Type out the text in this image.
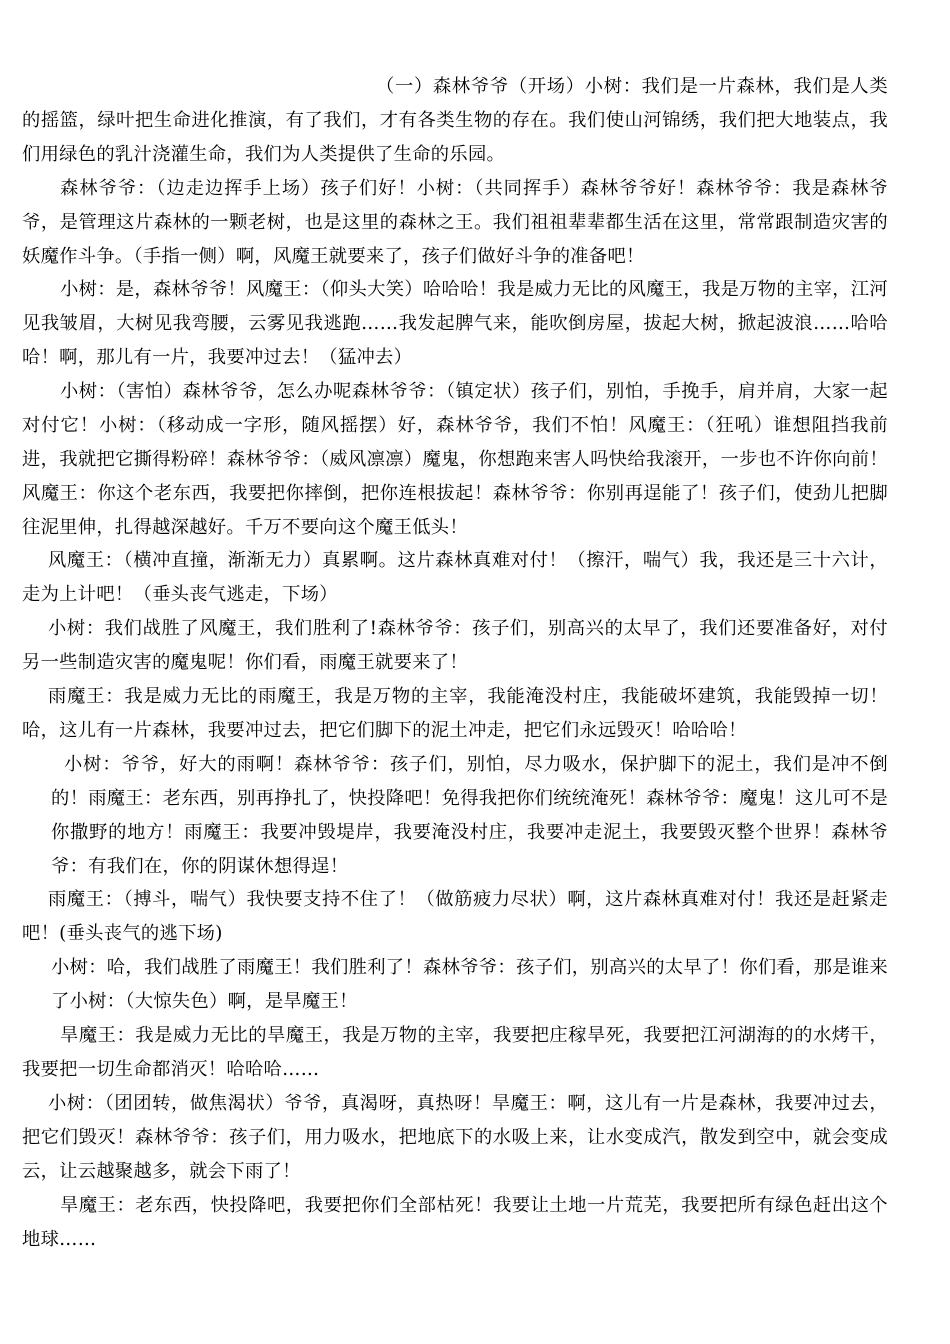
（一）森林爷爷（开场）小树：我们是一片森林，我们是人类的摇篮，绿叶把生命进化推演，有了我们，才有各类生物的存在。我们使山河锦绣，我们把大地装点，我们用绿色的乳汁浇灌生命，我们为人类提供了生命的乐园。

森林爷爷：（边走边挥手上场）孩子们好！小树：（共同挥手）森林爷爷好！森林爷爷：我是森林爷爷，是管理这片森林的一颗老树，也是这里的森林之王。我们祖祖辈辈都生活在这里，常常跟制造灾害的妖魔作斗争。（手指一侧）啊，风魔王就要来了，孩子们做好斗争的准备吧！

小树：是，森林爷爷！风魔王：（仰头大笑）哈哈哈！我是威力无比的风魔王，我是万物的主宰，江河见我皱眉，大树见我弯腰，云雾见我逃跑……我发起脾气来，能吹倒房屋，拔起大树，掀起波浪……哈哈哈！啊，那儿有一片，我要冲过去！（猛冲去）

小树：（害怕）森林爷爷，怎么办呢森林爷爷：（镇定状）孩子们，别怕，手挽手，肩并肩，大家一起对付它！小树：（移动成一字形，随风摇摆）好，森林爷爷，我们不怕！风魔王：（狂吼）谁想阻挡我前进，我就把它撕得粉碎！森林爷爷：（威风凛凛）魔鬼，你想跑来害人吗快给我滚开，一步也不许你向前！风魔王：你这个老东西，我要把你摔倒，把你连根拔起！森林爷爷：你别再逞能了！孩子们，使劲儿把脚往泥里伸，扎得越深越好。千万不要向这个魔王低头！

风魔王：（横冲直撞，渐渐无力）真累啊。这片森林真难对付！（擦汗，喘气）我，我还是三十六计，走为上计吧！（垂头丧气逃走，下场）

小树：我们战胜了风魔王，我们胜利了!森林爷爷：孩子们，别高兴的太早了，我们还要准备好，对付另一些制造灾害的魔鬼呢！你们看，雨魔王就要来了！

雨魔王：我是威力无比的雨魔王，我是万物的主宰，我能淹没村庄，我能破坏建筑，我能毁掉一切！哈，这儿有一片森林，我要冲过去，把它们脚下的泥土冲走，把它们永远毁灭！哈哈哈！

小树：爷爷，好大的雨啊！森林爷爷：孩子们，别怕，尽力吸水，保护脚下的泥土，我们是冲不倒的！雨魔王：老东西，别再挣扎了，快投降吧！免得我把你们统统淹死！森林爷爷：魔鬼！这儿可不是你撒野的地方！雨魔王：我要冲毁堤岸，我要淹没村庄，我要冲走泥土，我要毁灭整个世界！森林爷爷：有我们在，你的阴谋休想得逞！

雨魔王：（搏斗，喘气）我快要支持不住了！（做筋疲力尽状）啊，这片森林真难对付！我还是赶紧走吧！(垂头丧气的逃下场)

小树：哈，我们战胜了雨魔王！我们胜利了！森林爷爷：孩子们，别高兴的太早了！你们看，那是谁来了小树：（大惊失色）啊，是旱魔王！

旱魔王：我是威力无比的旱魔王，我是万物的主宰，我要把庄稼旱死，我要把江河湖海的的水烤干，我要把一切生命都消灭！哈哈哈……

小树：（团团转，做焦渴状）爷爷，真渴呀，真热呀！旱魔王：啊，这儿有一片是森林，我要冲过去，把它们毁灭！森林爷爷：孩子们，用力吸水，把地底下的水吸上来，让水变成汽，散发到空中，就会变成云，让云越聚越多，就会下雨了！

旱魔王：老东西，快投降吧，我要把你们全部枯死！我要让土地一片荒芜，我要把所有绿色赶出这个地球……
